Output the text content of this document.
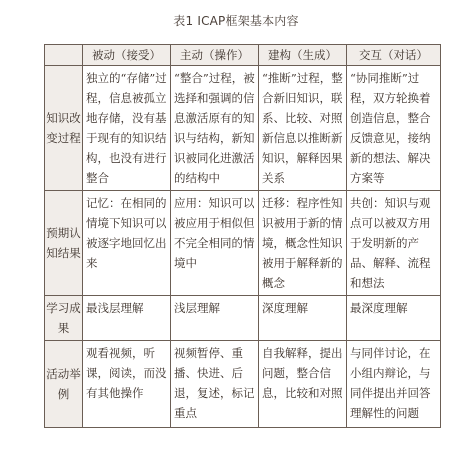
表1 ICAP框架基本内容
	被动（接受）	主动（操作）	建构（生成）	交互（对话）
知识改变过程	独立的“存储”过程，信息被孤立地存储，没有基于现有的知识结构，也没有进行整合	“整合”过程，被选择和强调的信息激活原有的知识与结构，新知识被同化进激活的结构中	“推断”过程，整合新旧知识，联系、比较、对照新信息以推断新知识，解释因果关系	“协同推断”过程，双方轮换着创造信息，整合反馈意见，接纳新的想法、解决方案等
预期认知结果	记忆：在相同的情境下知识可以被逐字地回忆出来	应用：知识可以被应用于相似但不完全相同的情境中	迁移：程序性知识被用于新的情境，概念性知识被用于解释新的概念	共创：知识与观点可以被双方用于发明新的产品、解释、流程和想法
学习成果	最浅层理解	浅层理解	深度理解	最深度理解
活动举例	观看视频，听课，阅读，而没有其他操作	视频暂停、重播、快进、后退，复述，标记重点	自我解释，提出问题，整合信息，比较和对照	与同伴讨论，在小组内辩论，与同伴提出并回答理解性的问题
